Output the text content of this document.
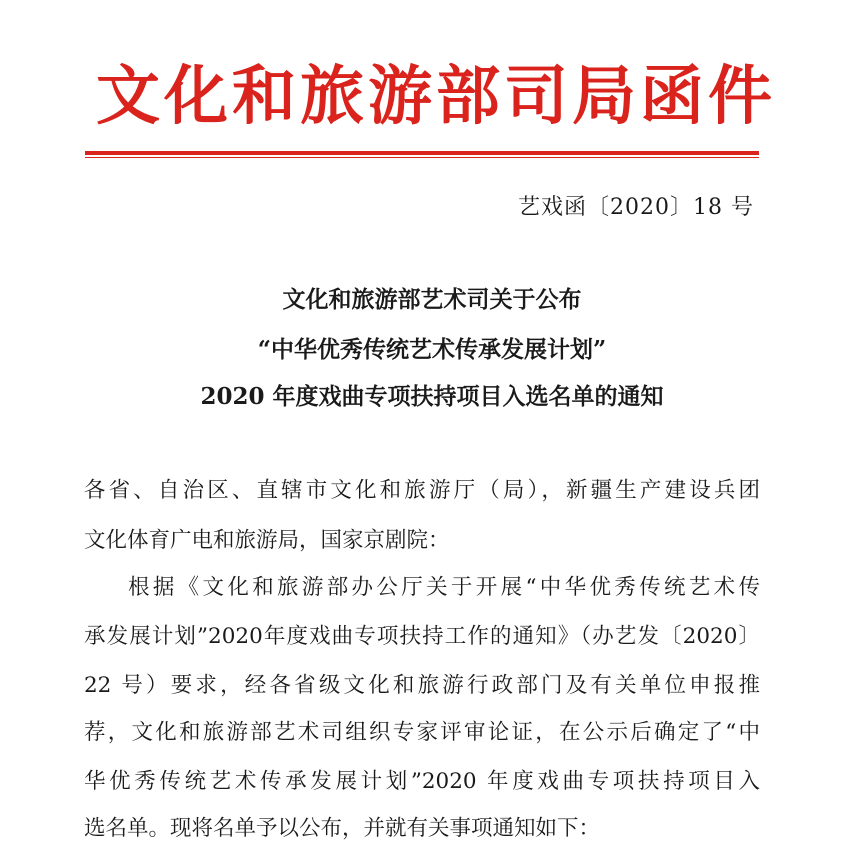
文化和旅游部司局函件
艺戏函〔2020〕18 号
文化和旅游部艺术司关于公布
“中华优秀传统艺术传承发展计划”
2020 年度戏曲专项扶持项目入选名单的通知
各省、自治区、直辖市文化和旅游厅（局），新疆生产建设兵团
文化体育广电和旅游局，国家京剧院：
根据《文化和旅游部办公厅关于开展“中华优秀传统艺术传
承发展计划”2020年度戏曲专项扶持工作的通知》（办艺发〔2020〕
22 号）要求，经各省级文化和旅游行政部门及有关单位申报推
荐，文化和旅游部艺术司组织专家评审论证，在公示后确定了“中
华优秀传统艺术传承发展计划”2020 年度戏曲专项扶持项目入
选名单。现将名单予以公布，并就有关事项通知如下：
